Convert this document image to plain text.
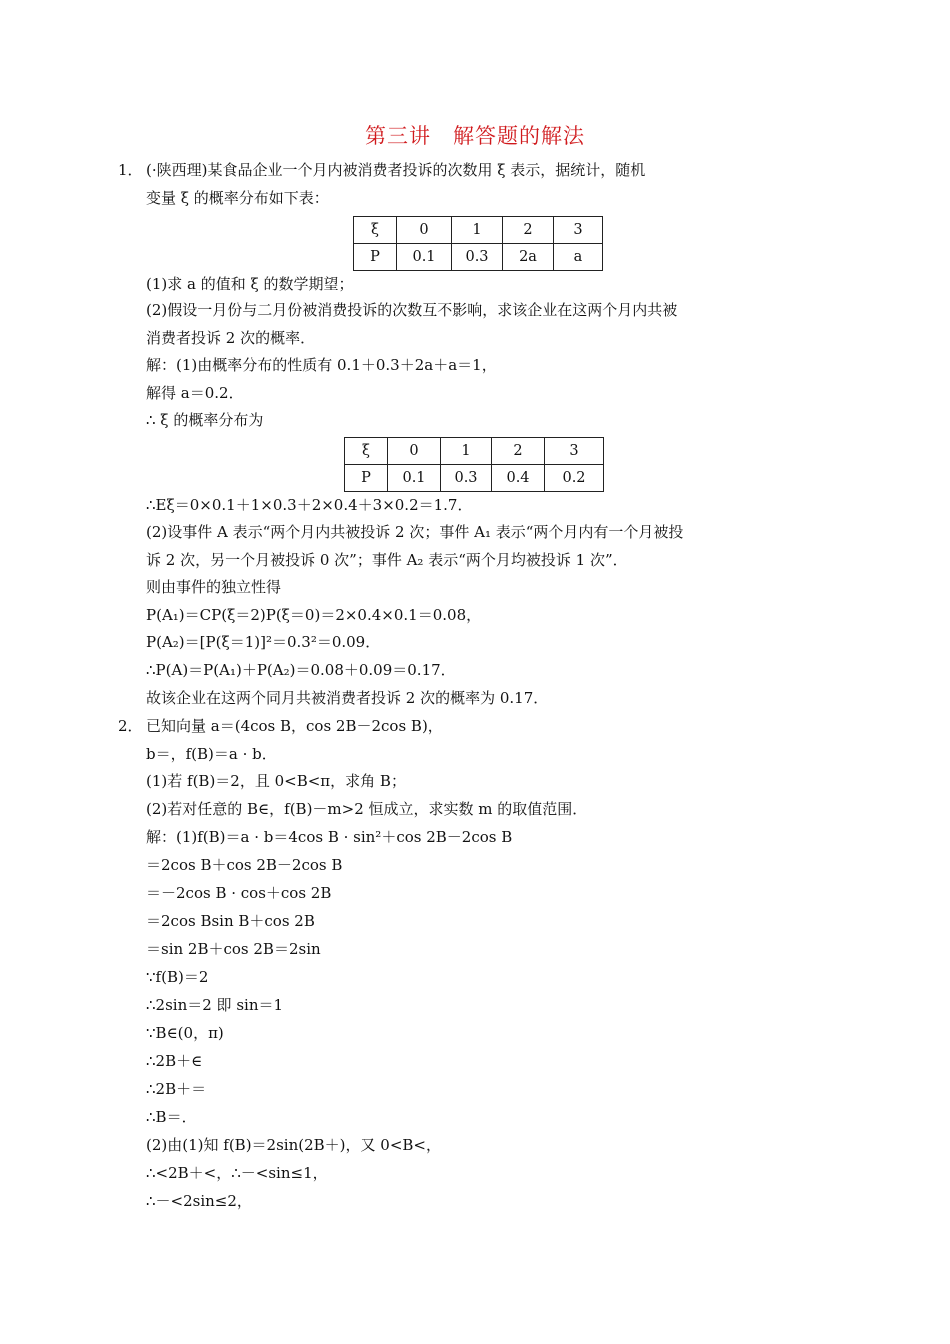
第三讲　解答题的解法
1． (·陕西理)某食品企业一个月内被消费者投诉的次数用 ξ 表示，据统计，随机
变量 ξ 的概率分布如下表：
ξ	0	1	2	3
P	0.1	0.3	2a	a
(1)求 a 的值和 ξ 的数学期望；
(2)假设一月份与二月份被消费投诉的次数互不影响，求该企业在这两个月内共被
消费者投诉 2 次的概率．
解：(1)由概率分布的性质有 0.1＋0.3＋2a＋a＝1，
解得 a＝0.2．
∴ ξ 的概率分布为
ξ	0	1	2	3
P	0.1	0.3	0.4	0.2
∴Eξ＝0×0.1＋1×0.3＋2×0.4＋3×0.2＝1.7．
(2)设事件 A 表示“两个月内共被投诉 2 次；事件 A₁ 表示“两个月内有一个月被投
诉 2 次，另一个月被投诉 0 次”；事件 A₂ 表示“两个月均被投诉 1 次”．
则由事件的独立性得
P(A₁)＝CP(ξ＝2)P(ξ＝0)＝2×0.4×0.1＝0.08，
P(A₂)＝[P(ξ＝1)]²＝0.3²＝0.09．
∴P(A)＝P(A₁)＋P(A₂)＝0.08＋0.09＝0.17．
故该企业在这两个同月共被消费者投诉 2 次的概率为 0.17．
2． 已知向量 a＝(4cos B，cos 2B－2cos B)，
b＝，f(B)＝a · b．
(1)若 f(B)＝2，且 0<B<π，求角 B；
(2)若对任意的 B∈，f(B)－m>2 恒成立，求实数 m 的取值范围．
解：(1)f(B)＝a · b＝4cos B · sin²＋cos 2B－2cos B
＝2cos B＋cos 2B－2cos B
＝－2cos B · cos＋cos 2B
＝2cos Bsin B＋cos 2B
＝sin 2B＋cos 2B＝2sin
∵f(B)＝2
∴2sin＝2 即 sin＝1
∵B∈(0，π)
∴2B＋∈
∴2B＋＝
∴B＝．
(2)由(1)知 f(B)＝2sin(2B＋)，又 0<B<，
∴<2B＋<，∴－<sin≤1，
∴－<2sin≤2，
